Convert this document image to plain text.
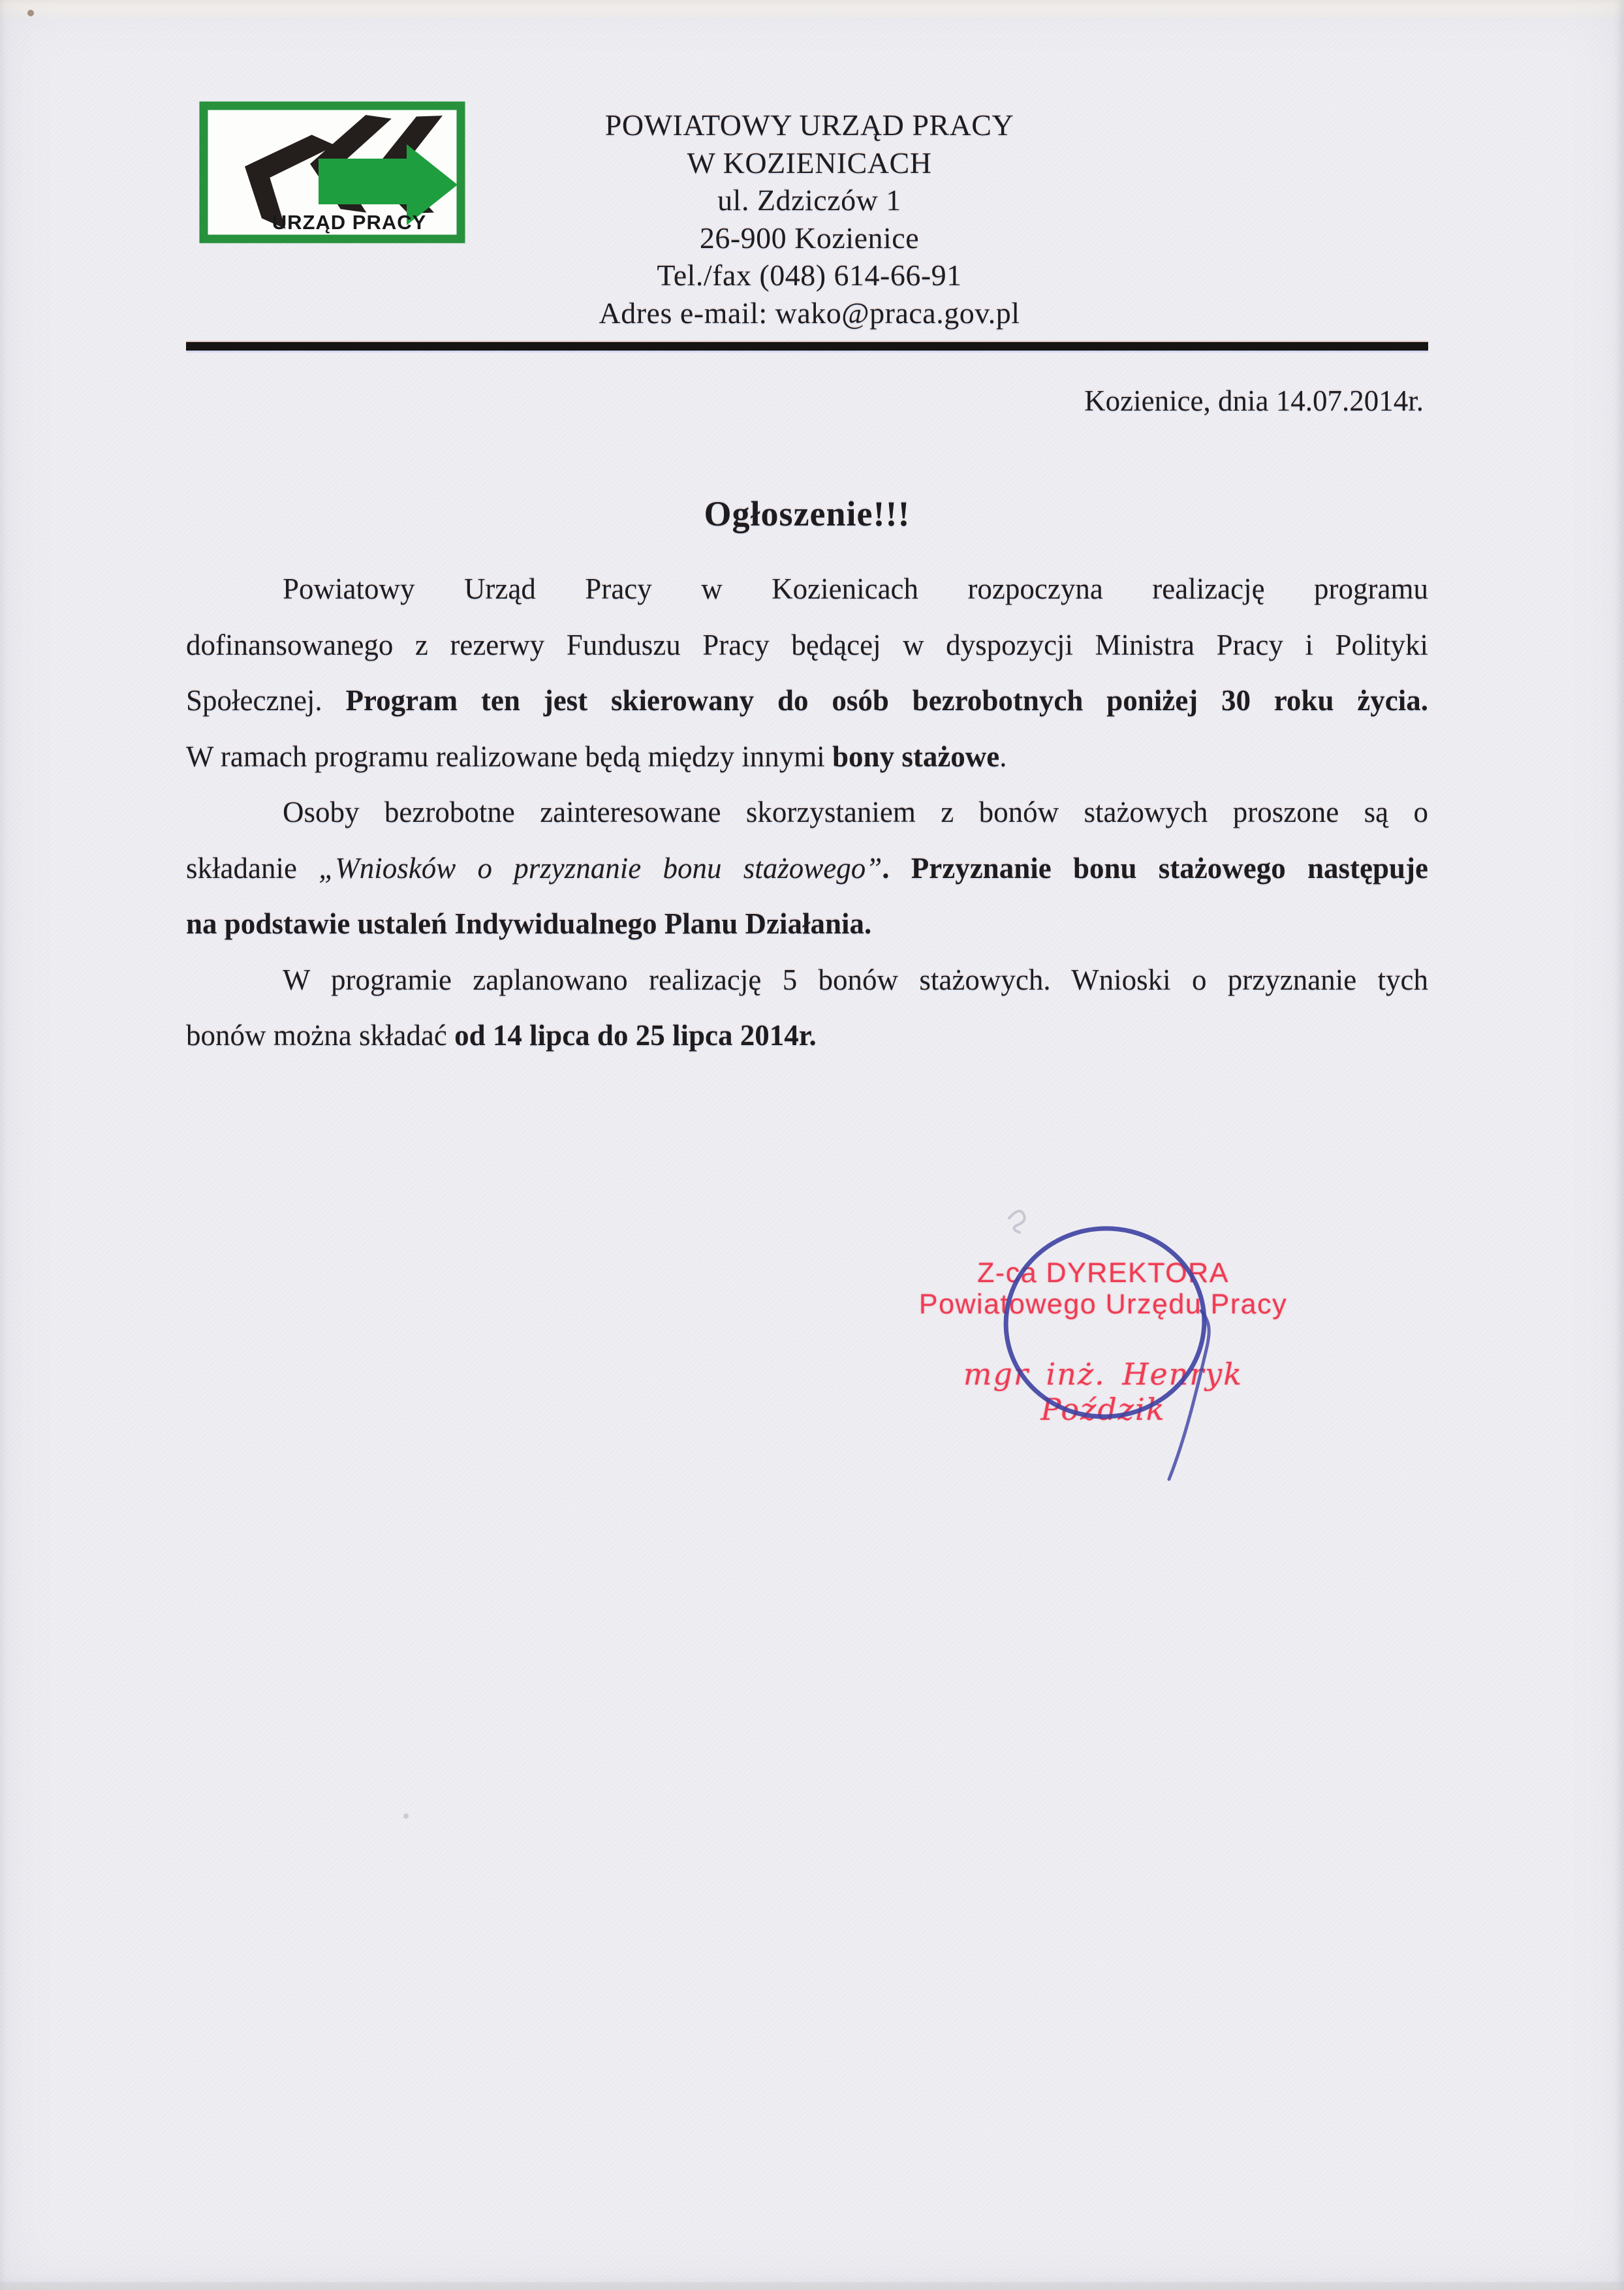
URZĄD PRACY
POWIATOWY URZĄD PRACY
W KOZIENICACH
ul. Zdziczów 1
26-900 Kozienice
Tel./fax (048) 614-66-91
Adres e-mail: wako@praca.gov.pl
Kozienice, dnia 14.07.2014r.
Ogłoszenie!!!
Powiatowy Urząd Pracy w Kozienicach rozpoczyna realizację programu
dofinansowanego z rezerwy Funduszu Pracy będącej w dyspozycji Ministra Pracy i Polityki
Społecznej. Program ten jest skierowany do osób bezrobotnych poniżej 30 roku życia.
W ramach programu realizowane będą między innymi bony stażowe.
Osoby bezrobotne zainteresowane skorzystaniem z bonów stażowych proszone są o
składanie „Wniosków o przyznanie bonu stażowego”. Przyznanie bonu stażowego następuje
na podstawie ustaleń Indywidualnego Planu Działania.
W programie zaplanowano realizację 5 bonów stażowych. Wnioski o przyznanie tych
bonów można składać od 14 lipca do 25 lipca 2014r.
Z-ca DYREKTORA
Powiatowego Urzędu Pracy
mgr inż. Henryk Poździk
